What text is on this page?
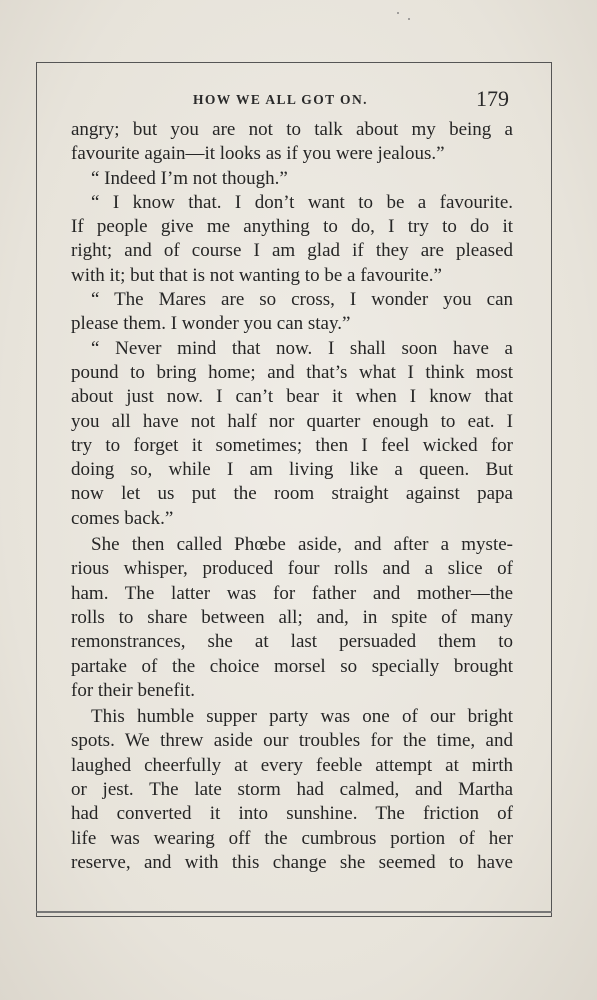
HOW WE ALL GOT ON.	179
angry; but you are not to talk about my being a
favourite again—it looks as if you were jealous.”
“ Indeed I’m not though.”
“ I know that. I don’t want to be a favourite.
If people give me anything to do, I try to do it
right; and of course I am glad if they are pleased
with it; but that is not wanting to be a favourite.”
“ The Mares are so cross, I wonder you can
please them. I wonder you can stay.”
“ Never mind that now. I shall soon have a
pound to bring home; and that’s what I think most
about just now. I can’t bear it when I know that
you all have not half nor quarter enough to eat. I
try to forget it sometimes; then I feel wicked for
doing so, while I am living like a queen. But
now let us put the room straight against papa
comes back.”
She then called Phœbe aside, and after a myste-
rious whisper, produced four rolls and a slice of
ham. The latter was for father and mother—the
rolls to share between all; and, in spite of many
remonstrances, she at last persuaded them to
partake of the choice morsel so specially brought
for their benefit.
This humble supper party was one of our bright
spots. We threw aside our troubles for the time, and
laughed cheerfully at every feeble attempt at mirth
or jest. The late storm had calmed, and Martha
had converted it into sunshine. The friction of
life was wearing off the cumbrous portion of her
reserve, and with this change she seemed to have
